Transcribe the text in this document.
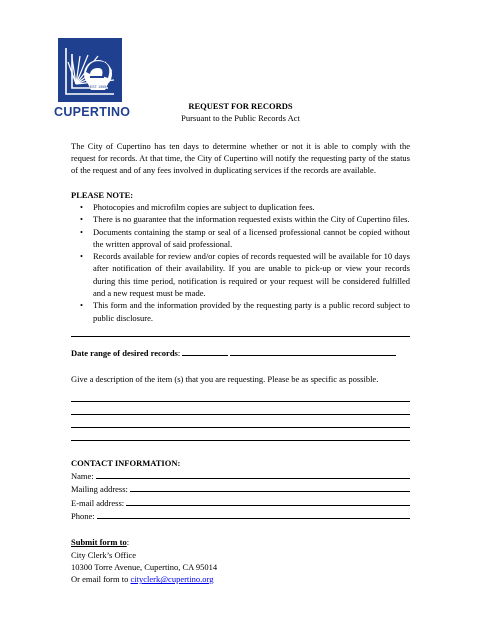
EST. 1955
CUPERTINO	REQUEST FOR RECORDS
Pursuant to the Public Records Act
The City of Cupertino has ten days to determine whether or not it is able to comply with the request for records. At that time, the City of Cupertino will notify the requesting party of the status of the request and of any fees involved in duplicating services if the records are available.
PLEASE NOTE:
• Photocopies and microfilm copies are subject to duplication fees.
• There is no guarantee that the information requested exists within the City of Cupertino files.
• Documents containing the stamp or seal of a licensed professional cannot be copied without the written approval of said professional.
• Records available for review and/or copies of records requested will be available for 10 days after notification of their availability. If you are unable to pick-up or view your records during this time period, notification is required or your request will be considered fulfilled and a new request must be made.
• This form and the information provided by the requesting party is a public record subject to public disclosure.
Date range of desired records:
Give a description of the item (s) that you are requesting. Please be as specific as possible.
CONTACT INFORMATION:
Name:
Mailing address:
E-mail address:
Phone:
Submit form to:
City Clerk’s Office
10300 Torre Avenue, Cupertino, CA 95014
Or email form to cityclerk@cupertino.org
